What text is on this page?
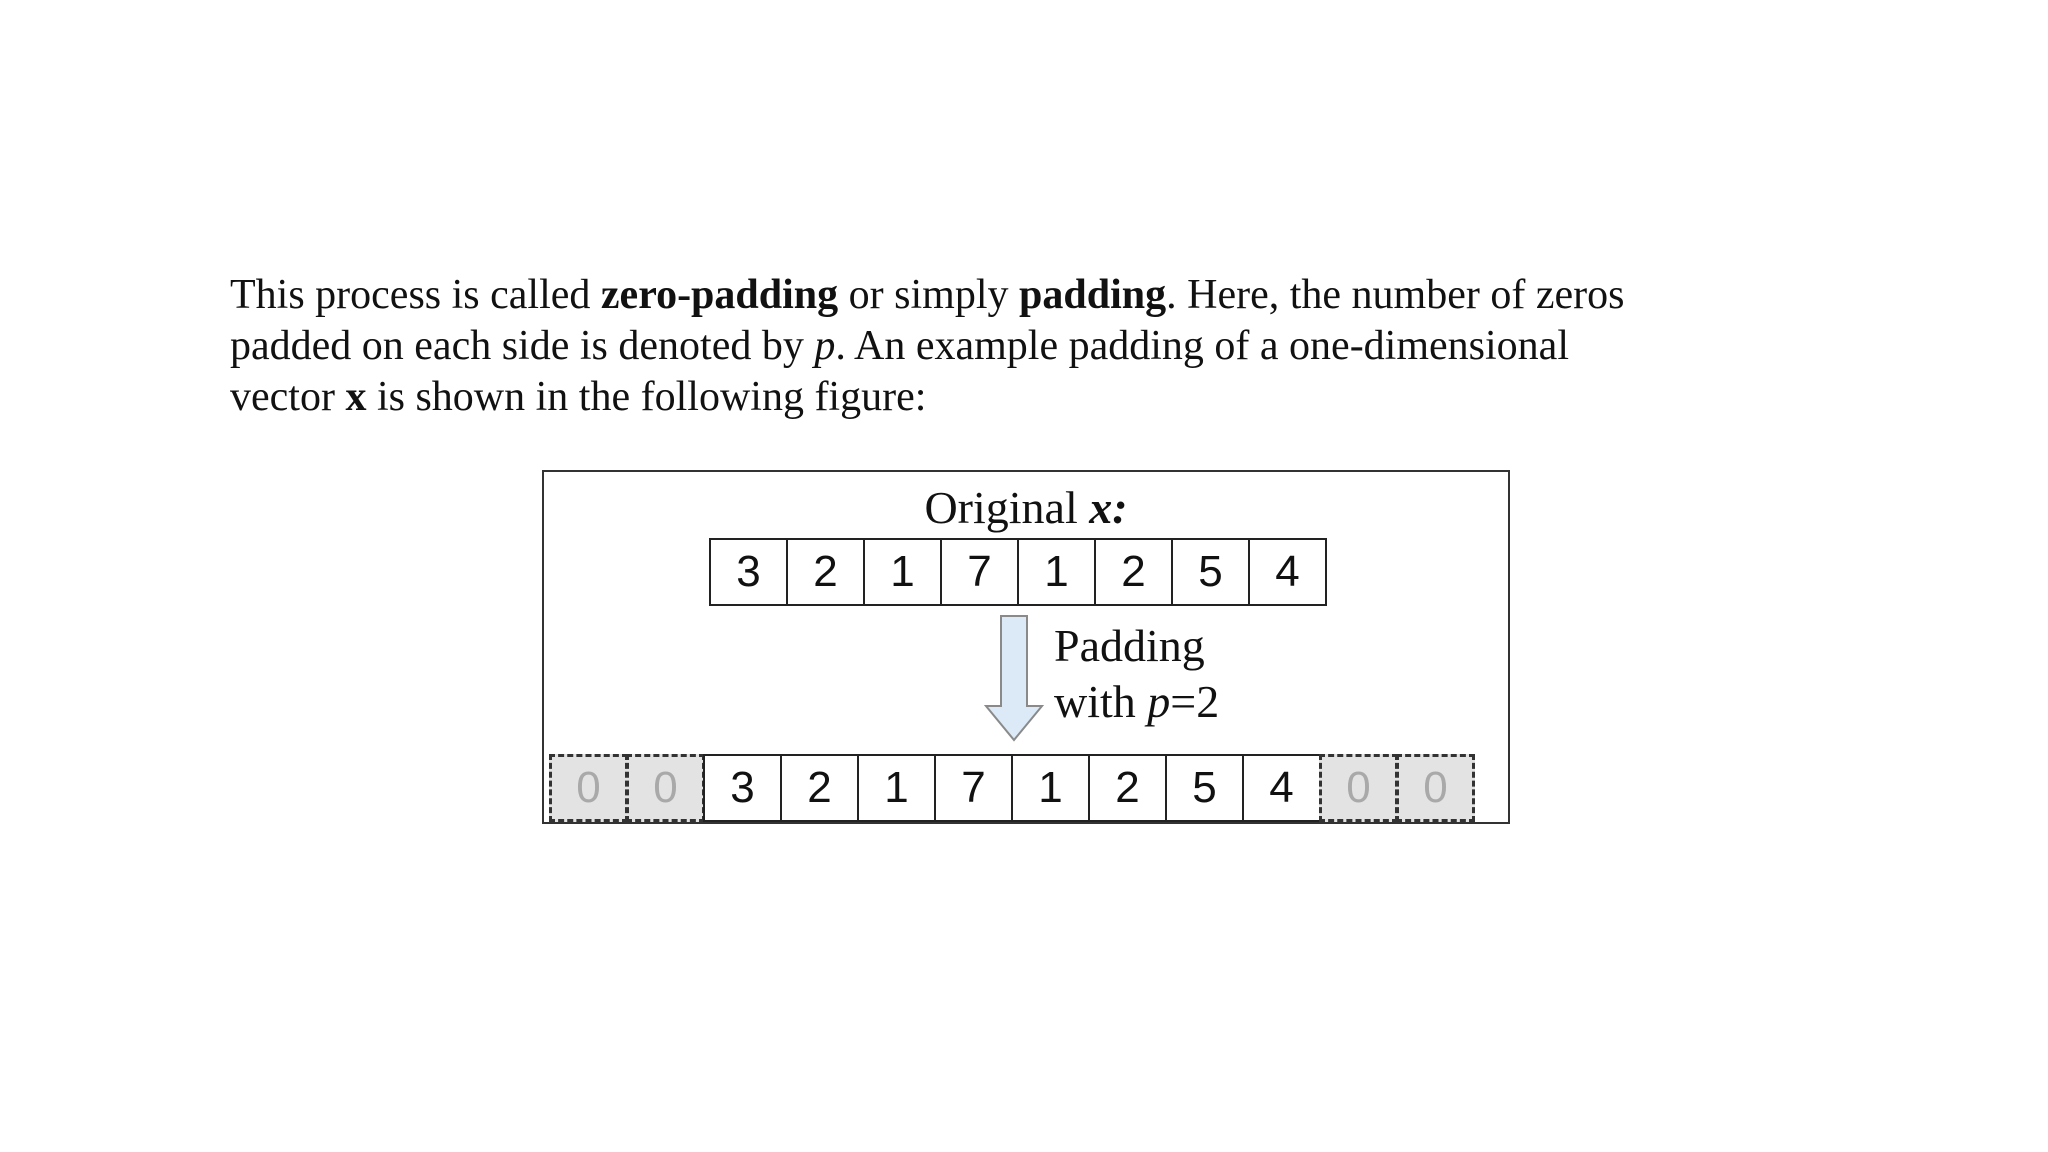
This process is called zero-padding or simply padding. Here, the number of zeros
padded on each side is denoted by p. An example padding of a one-dimensional
vector x is shown in the following figure:
Original x:
3	2	1	7	1	2	5	4
Padding
with p=2
0	0	3	2	1	7	1	2	5	4	0	0
